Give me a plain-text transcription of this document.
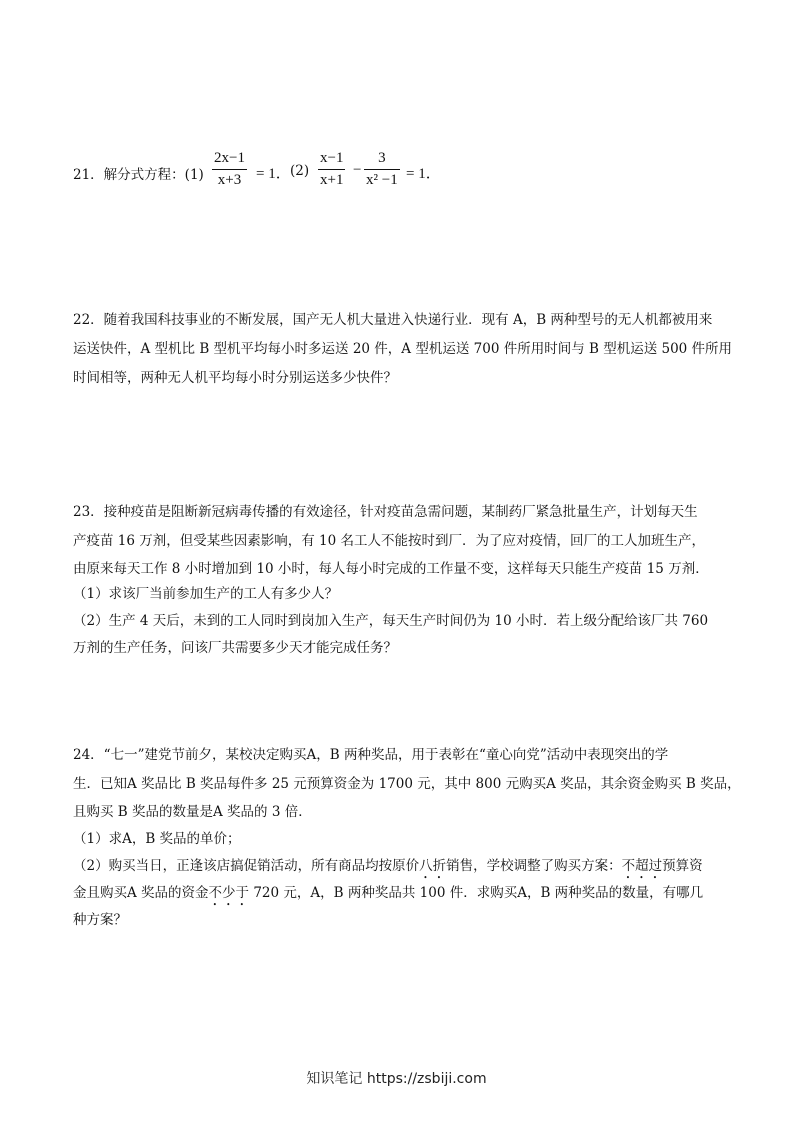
21．解分式方程：(1)
2x−1
x+3 = 1． (2)
x−1
x+1
−
3
x² −1 = 1．
22．随着我国科技事业的不断发展，国产无人机大量进入快递行业．现有 A，B 两种型号的无人机都被用来
运送快件，A 型机比 B 型机平均每小时多运送 20 件，A 型机运送 700 件所用时间与 B 型机运送 500 件所用
时间相等，两种无人机平均每小时分别运送多少快件？
23．接种疫苗是阻断新冠病毒传播的有效途径，针对疫苗急需问题，某制药厂紧急批量生产，计划每天生
产疫苗 16 万剂，但受某些因素影响，有 10 名工人不能按时到厂．为了应对疫情，回厂的工人加班生产，
由原来每天工作 8 小时增加到 10 小时，每人每小时完成的工作量不变，这样每天只能生产疫苗 15 万剂．
（1）求该厂当前参加生产的工人有多少人？
（2）生产 4 天后，未到的工人同时到岗加入生产，每天生产时间仍为 10 小时．若上级分配给该厂共 760
万剂的生产任务，问该厂共需要多少天才能完成任务？
24．“七一”建党节前夕，某校决定购买A，B 两种奖品，用于表彰在“童心向党”活动中表现突出的学
生．已知A 奖品比 B 奖品每件多 25 元预算资金为 1700 元，其中 800 元购买A 奖品，其余资金购买 B 奖品，
且购买 B 奖品的数量是A 奖品的 3 倍．
（1）求A，B 奖品的单价；
（2）购买当日，正逢该店搞促销活动，所有商品均按原价八折销售，学校调整了购买方案：不超过预算资
金且购买A 奖品的资金不少于 720 元，A，B 两种奖品共 100 件．求购买A，B 两种奖品的数量，有哪几
种方案？
知识笔记 https://zsbiji.com
